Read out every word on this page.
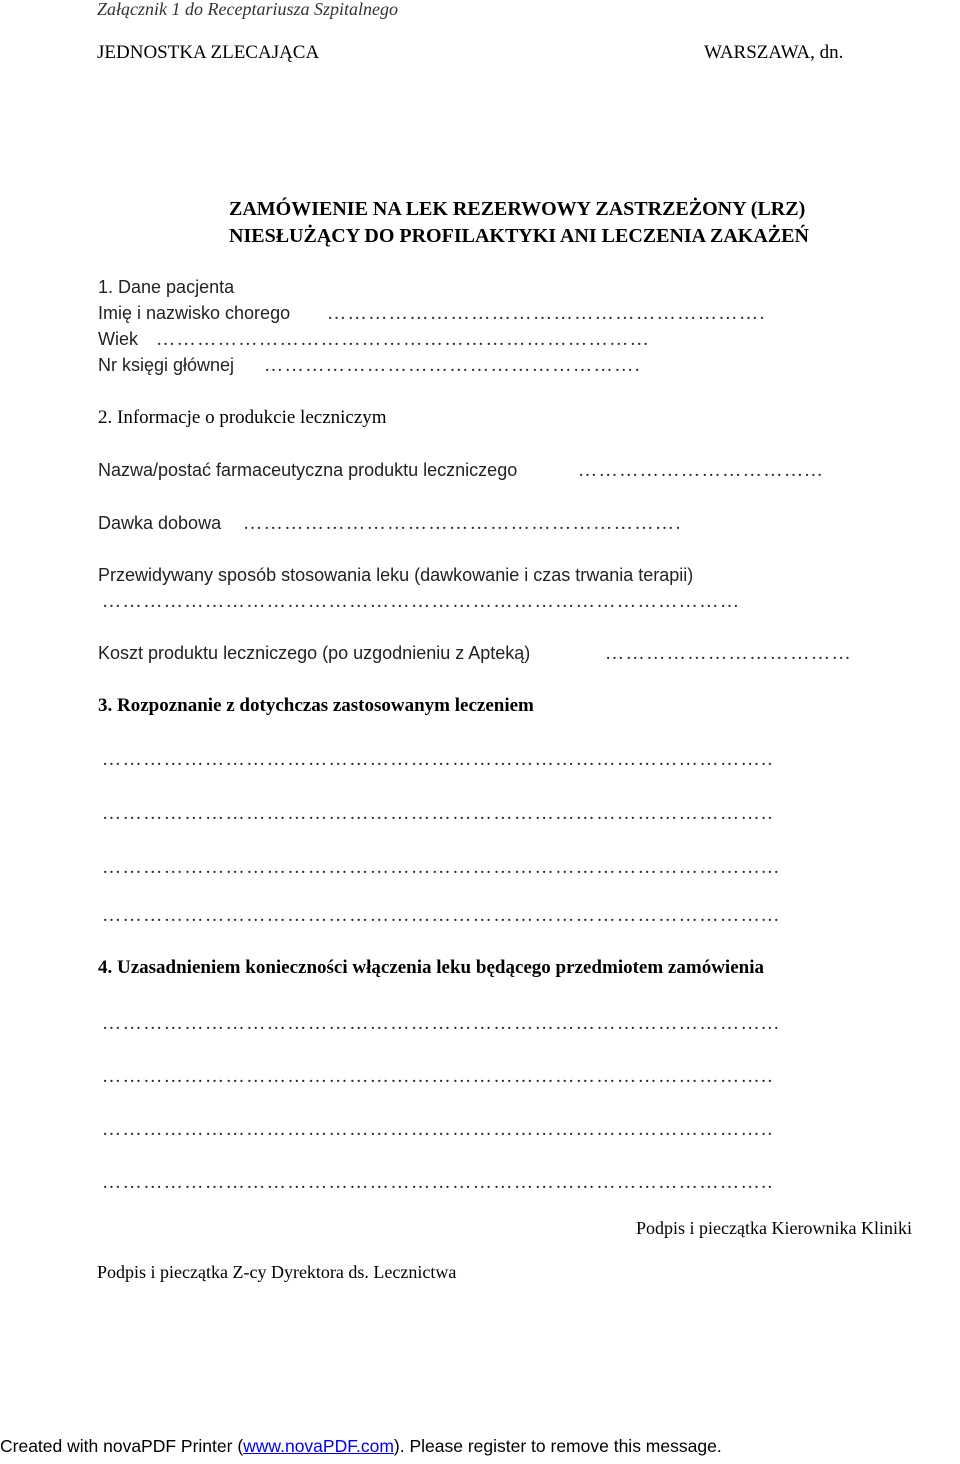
Załącznik 1 do Receptariusza Szpitalnego
JEDNOSTKA ZLECAJĄCA	WARSZAWA, dn.
ZAMÓWIENIE NA LEK REZERWOWY ZASTRZEŻONY (LRZ)
NIESŁUŻĄCY DO PROFILAKTYKI ANI LECZENIA ZAKAŻEŃ
1. Dane pacjenta
Imię i nazwisko chorego ……………………………………………………….
Wiek ………………………………………………………………
Nr księgi głównej ……………………………………………….
2. Informacje o produkcie leczniczym
Nazwa/postać farmaceutyczna produktu leczniczego	……………………………...
Dawka dobowa ……………………………………………………….
Przewidywany sposób stosowania leku (dawkowanie i czas trwania terapii)
…………………………………………………………………………………
Koszt produktu leczniczego (po uzgodnieniu z Apteką)	………………………………
3. Rozpoznanie z dotychczas zastosowanym leczeniem
……………………………………………………………………………………..
……………………………………………………………………………………..
……………………………………………………………………………………...
……………………………………………………………………………………...
4. Uzasadnieniem konieczności włączenia leku będącego przedmiotem zamówienia
……………………………………………………………………………………...
……………………………………………………………………………………..
……………………………………………………………………………………..
……………………………………………………………………………………..
Podpis i pieczątka Kierownika Kliniki
Podpis i pieczątka Z-cy Dyrektora ds. Lecznictwa
Created with novaPDF Printer (www.novaPDF.com). Please register to remove this message.
